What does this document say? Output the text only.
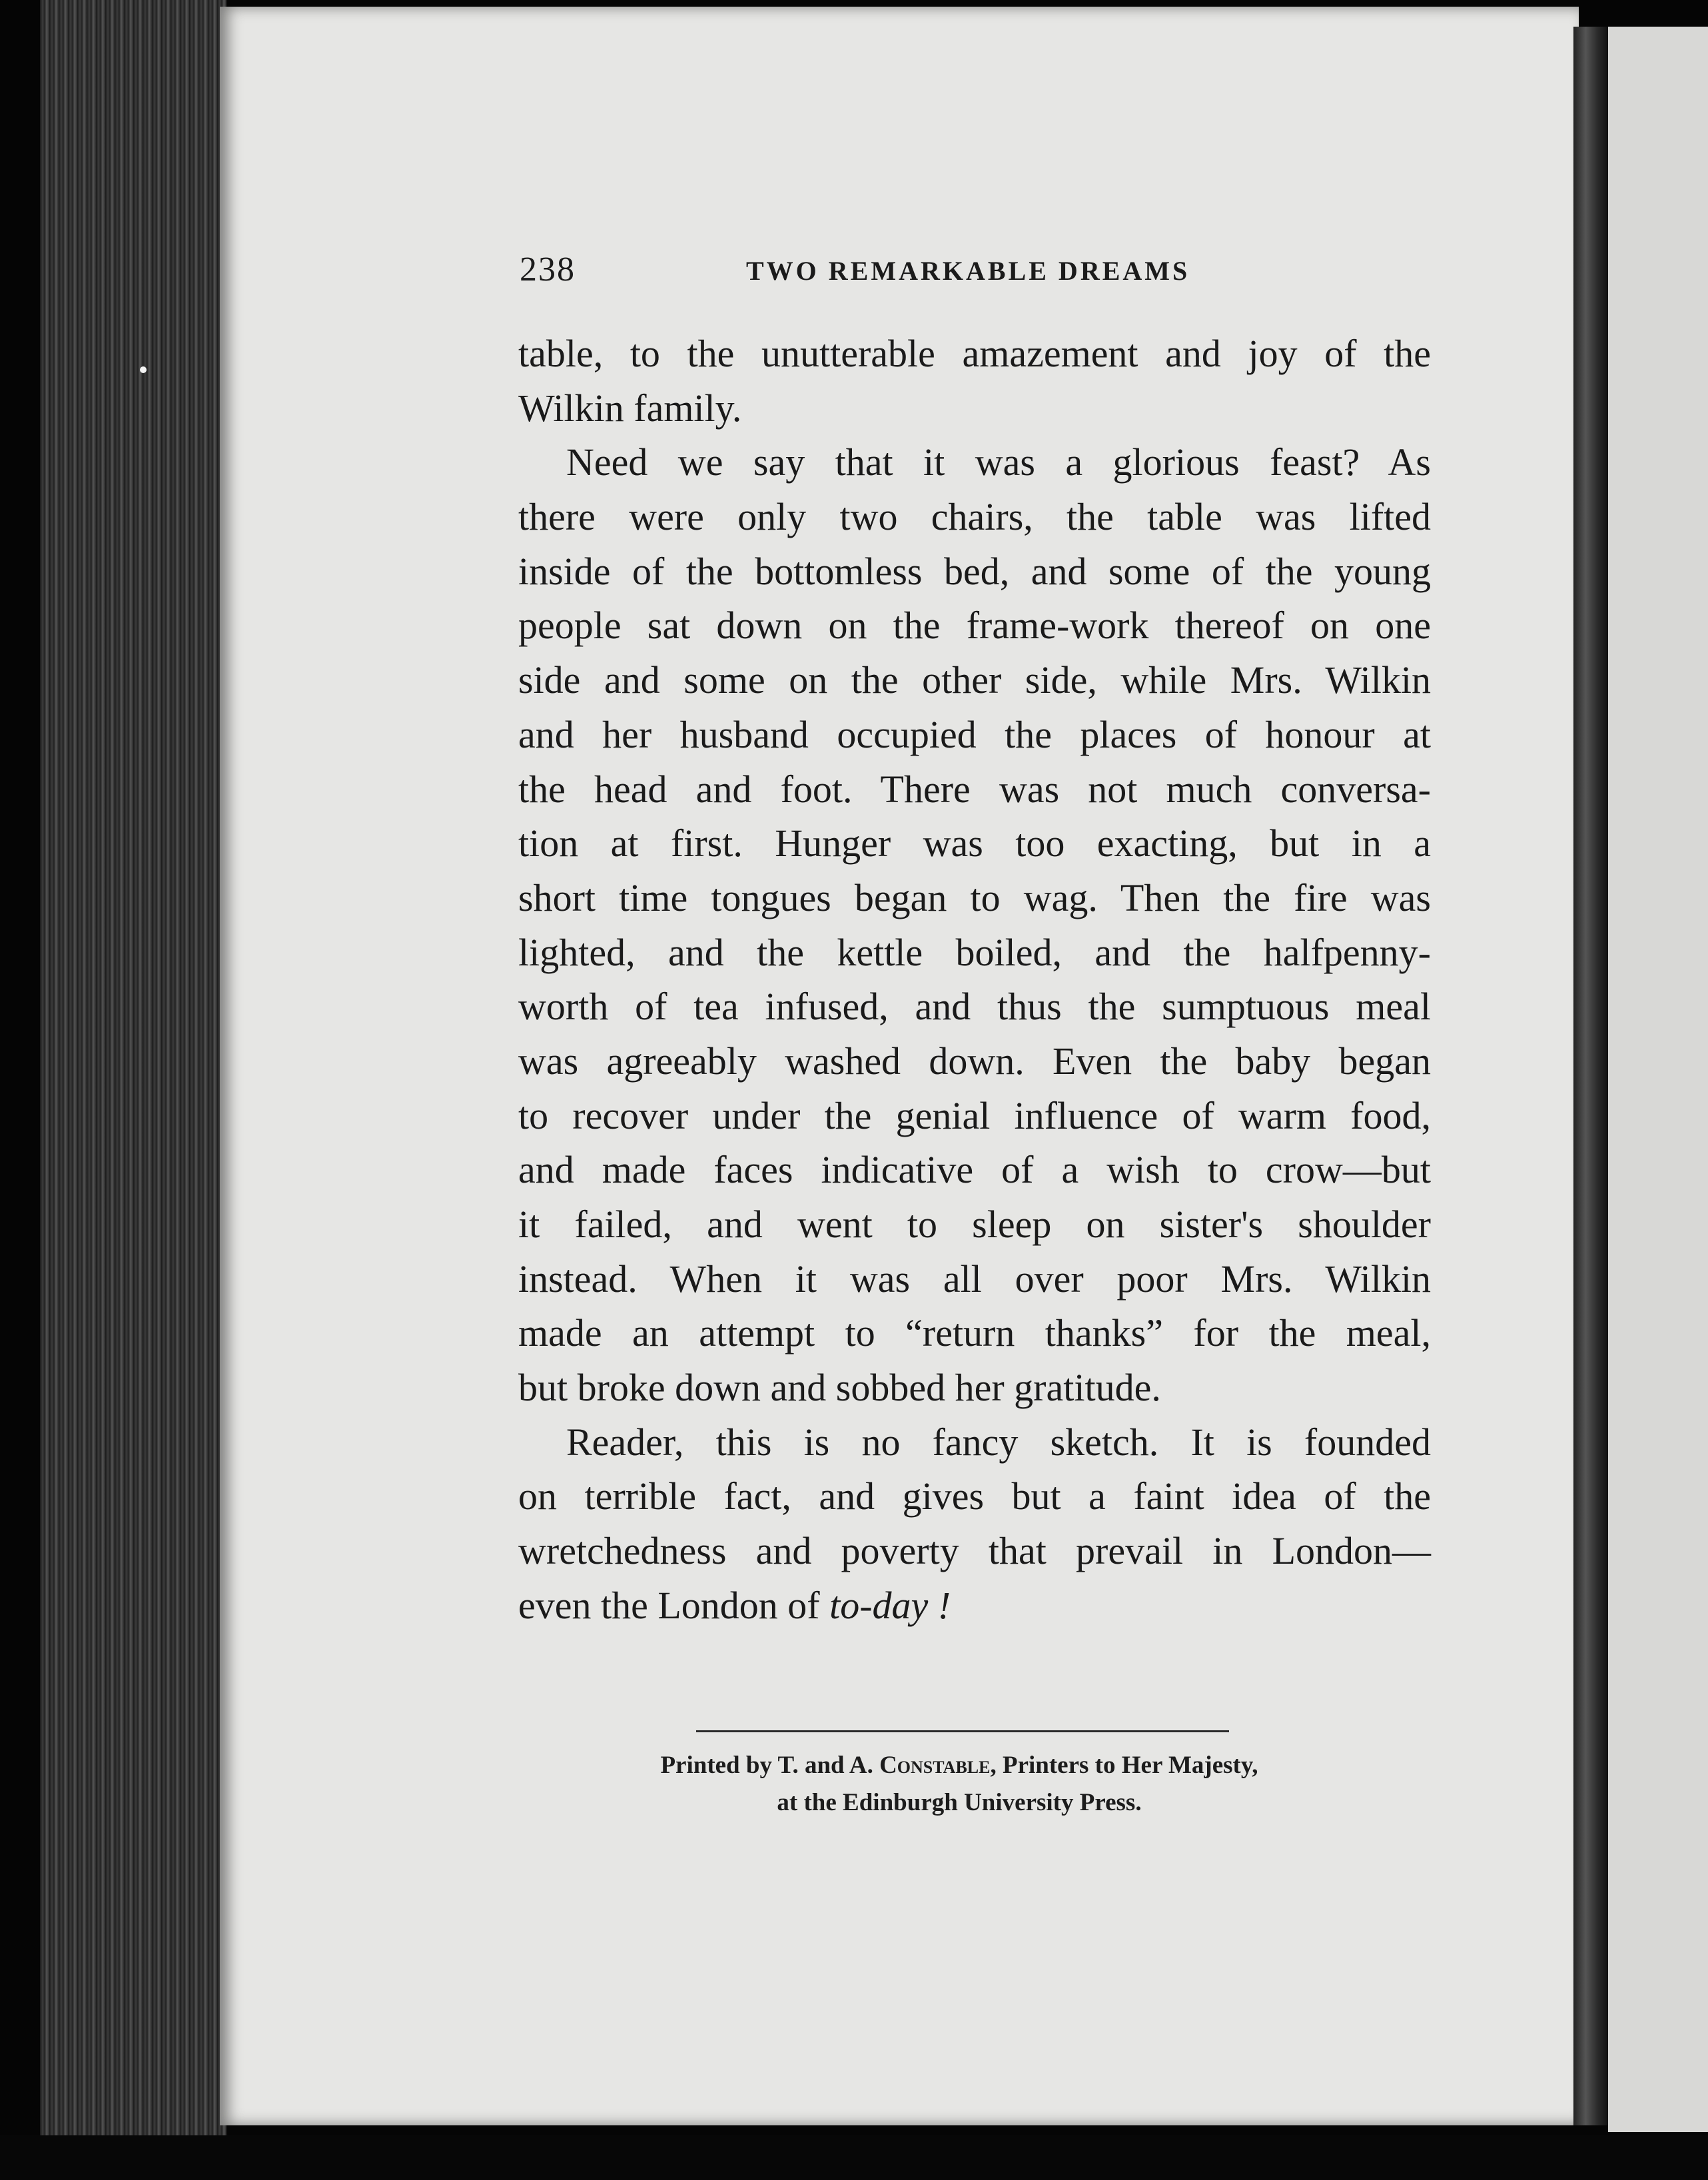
238	TWO REMARKABLE DREAMS
table, to the unutterable amazement and joy of the
Wilkin family.
Need we say that it was a glorious feast? As
there were only two chairs, the table was lifted
inside of the bottomless bed, and some of the young
people sat down on the frame-work thereof on one
side and some on the other side, while Mrs. Wilkin
and her husband occupied the places of honour at
the head and foot. There was not much conversa-
tion at first. Hunger was too exacting, but in a
short time tongues began to wag. Then the fire was
lighted, and the kettle boiled, and the halfpenny-
worth of tea infused, and thus the sumptuous meal
was agreeably washed down. Even the baby began
to recover under the genial influence of warm food,
and made faces indicative of a wish to crow—but
it failed, and went to sleep on sister's shoulder
instead. When it was all over poor Mrs. Wilkin
made an attempt to “return thanks” for the meal,
but broke down and sobbed her gratitude.
Reader, this is no fancy sketch. It is founded
on terrible fact, and gives but a faint idea of the
wretchedness and poverty that prevail in London—
even the London of to-day !
Printed by T. and A. Constable, Printers to Her Majesty,
at the Edinburgh University Press.
